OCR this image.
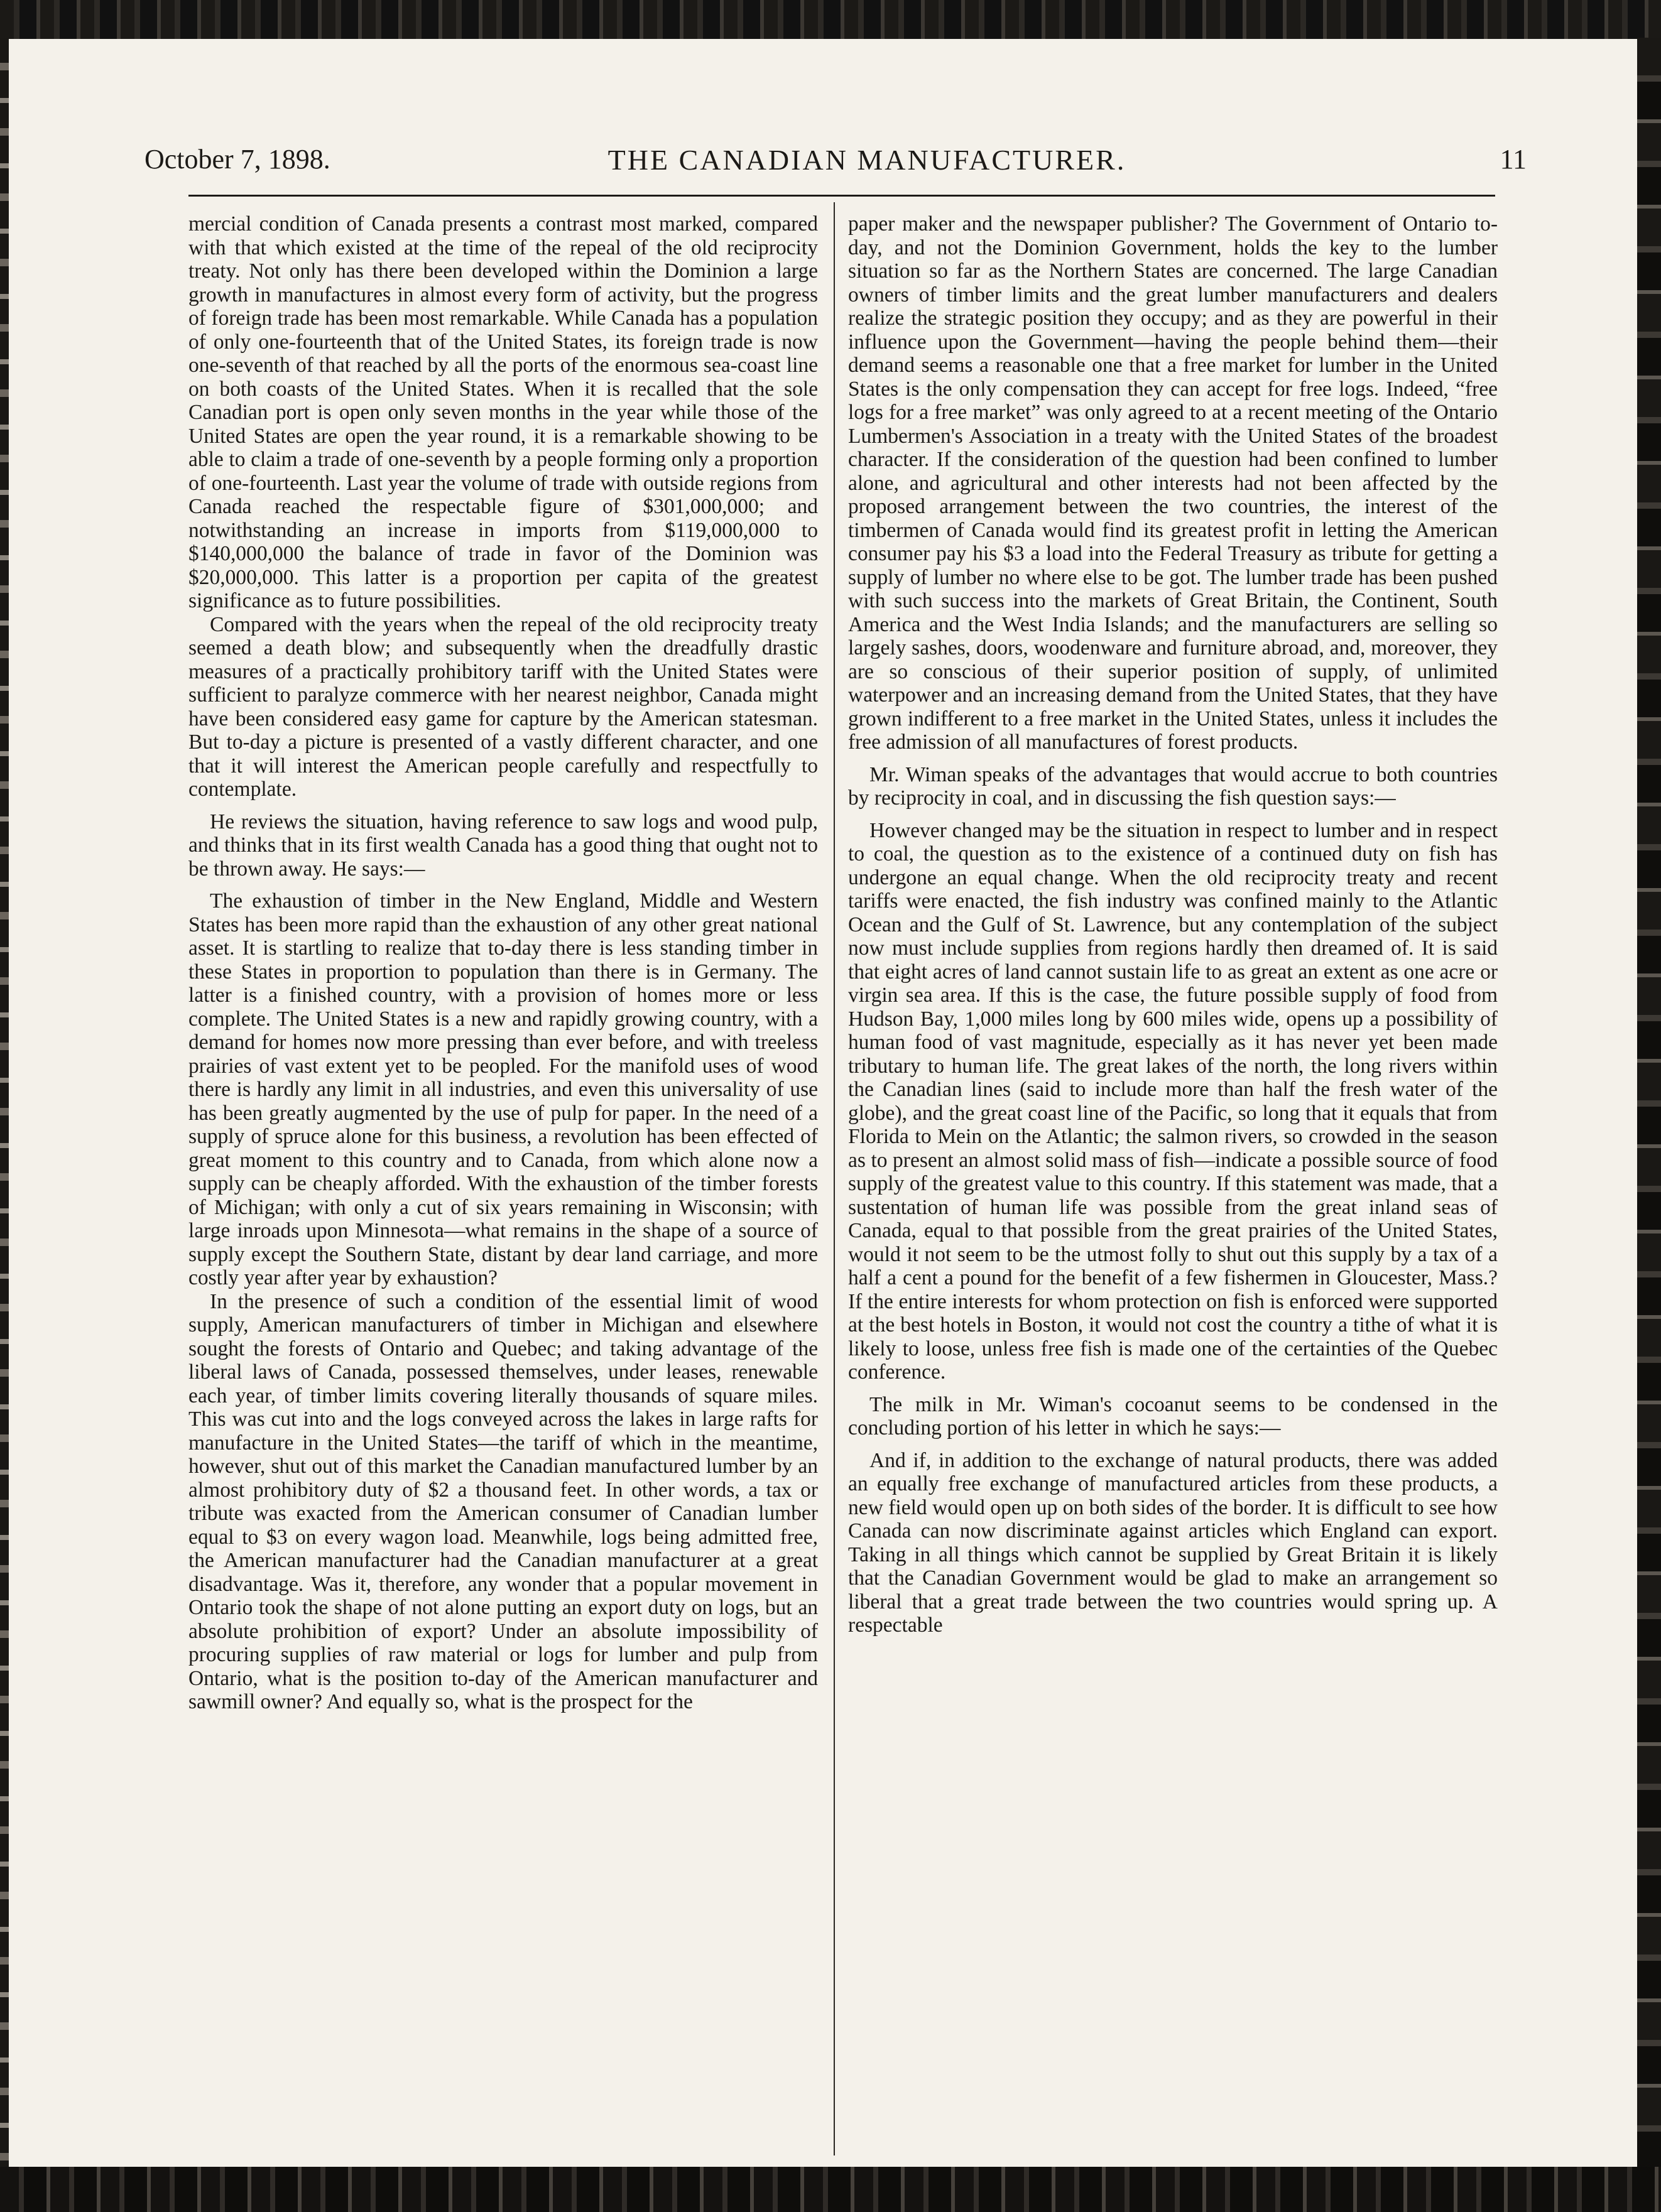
October 7, 1898.	THE CANADIAN MANUFACTURER.	11

mercial condition of Canada presents a contrast most marked, compared with that which existed at the time of the repeal of the old reciprocity treaty. Not only has there been developed within the Dominion a large growth in manufactures in almost every form of activity, but the progress of foreign trade has been most remarkable. While Canada has a population of only one-fourteenth that of the United States, its foreign trade is now one-seventh of that reached by all the ports of the enormous sea-coast line on both coasts of the United States. When it is recalled that the sole Canadian port is open only seven months in the year while those of the United States are open the year round, it is a remarkable showing to be able to claim a trade of one-seventh by a people forming only a proportion of one-fourteenth. Last year the volume of trade with outside regions from Canada reached the respectable figure of $301,000,000; and notwithstanding an increase in imports from $119,000,000 to $140,000,000 the balance of trade in favor of the Dominion was $20,000,000. This latter is a proportion per capita of the greatest significance as to future possibilities.

Compared with the years when the repeal of the old reciprocity treaty seemed a death blow; and subsequently when the dreadfully drastic measures of a practically prohibitory tariff with the United States were sufficient to paralyze commerce with her nearest neighbor, Canada might have been considered easy game for capture by the American statesman. But to-day a picture is presented of a vastly different character, and one that it will interest the American people carefully and respectfully to contemplate.

He reviews the situation, having reference to saw logs and wood pulp, and thinks that in its first wealth Canada has a good thing that ought not to be thrown away. He says:—

The exhaustion of timber in the New England, Middle and Western States has been more rapid than the exhaustion of any other great national asset. It is startling to realize that to-day there is less standing timber in these States in proportion to population than there is in Germany. The latter is a finished country, with a provision of homes more or less complete. The United States is a new and rapidly growing country, with a demand for homes now more pressing than ever before, and with treeless prairies of vast extent yet to be peopled. For the manifold uses of wood there is hardly any limit in all industries, and even this universality of use has been greatly augmented by the use of pulp for paper. In the need of a supply of spruce alone for this business, a revolution has been effected of great moment to this country and to Canada, from which alone now a supply can be cheaply afforded. With the exhaustion of the timber forests of Michigan; with only a cut of six years remaining in Wisconsin; with large inroads upon Minnesota—what remains in the shape of a source of supply except the Southern State, distant by dear land carriage, and more costly year after year by exhaustion?

In the presence of such a condition of the essential limit of wood supply, American manufacturers of timber in Michigan and elsewhere sought the forests of Ontario and Quebec; and taking advantage of the liberal laws of Canada, possessed themselves, under leases, renewable each year, of timber limits covering literally thousands of square miles. This was cut into and the logs conveyed across the lakes in large rafts for manufacture in the United States—the tariff of which in the meantime, however, shut out of this market the Canadian manufactured lumber by an almost prohibitory duty of $2 a thousand feet. In other words, a tax or tribute was exacted from the American consumer of Canadian lumber equal to $3 on every wagon load. Meanwhile, logs being admitted free, the American manufacturer had the Canadian manufacturer at a great disadvantage. Was it, therefore, any wonder that a popular movement in Ontario took the shape of not alone putting an export duty on logs, but an absolute prohibition of export? Under an absolute impossibility of procuring supplies of raw material or logs for lumber and pulp from Ontario, what is the position to-day of the American manufacturer and sawmill owner? And equally so, what is the prospect for the

paper maker and the newspaper publisher? The Government of Ontario to-day, and not the Dominion Government, holds the key to the lumber situation so far as the Northern States are concerned. The large Canadian owners of timber limits and the great lumber manufacturers and dealers realize the strategic position they occupy; and as they are powerful in their influence upon the Government—having the people behind them—their demand seems a reasonable one that a free market for lumber in the United States is the only compensation they can accept for free logs. Indeed, “free logs for a free market” was only agreed to at a recent meeting of the Ontario Lumbermen's Association in a treaty with the United States of the broadest character. If the consideration of the question had been confined to lumber alone, and agricultural and other interests had not been affected by the proposed arrangement between the two countries, the interest of the timbermen of Canada would find its greatest profit in letting the American consumer pay his $3 a load into the Federal Treasury as tribute for getting a supply of lumber no where else to be got. The lumber trade has been pushed with such success into the markets of Great Britain, the Continent, South America and the West India Islands; and the manufacturers are selling so largely sashes, doors, woodenware and furniture abroad, and, moreover, they are so conscious of their superior position of supply, of unlimited waterpower and an increasing demand from the United States, that they have grown indifferent to a free market in the United States, unless it includes the free admission of all manufactures of forest products.

Mr. Wiman speaks of the advantages that would accrue to both countries by reciprocity in coal, and in discussing the fish question says:—

However changed may be the situation in respect to lumber and in respect to coal, the question as to the existence of a continued duty on fish has undergone an equal change. When the old reciprocity treaty and recent tariffs were enacted, the fish industry was confined mainly to the Atlantic Ocean and the Gulf of St. Lawrence, but any contemplation of the subject now must include supplies from regions hardly then dreamed of. It is said that eight acres of land cannot sustain life to as great an extent as one acre or virgin sea area. If this is the case, the future possible supply of food from Hudson Bay, 1,000 miles long by 600 miles wide, opens up a possibility of human food of vast magnitude, especially as it has never yet been made tributary to human life. The great lakes of the north, the long rivers within the Canadian lines (said to include more than half the fresh water of the globe), and the great coast line of the Pacific, so long that it equals that from Florida to Mein on the Atlantic; the salmon rivers, so crowded in the season as to present an almost solid mass of fish—indicate a possible source of food supply of the greatest value to this country. If this statement was made, that a sustentation of human life was possible from the great inland seas of Canada, equal to that possible from the great prairies of the United States, would it not seem to be the utmost folly to shut out this supply by a tax of a half a cent a pound for the benefit of a few fishermen in Gloucester, Mass.? If the entire interests for whom protection on fish is enforced were supported at the best hotels in Boston, it would not cost the country a tithe of what it is likely to loose, unless free fish is made one of the certainties of the Quebec conference.

The milk in Mr. Wiman's cocoanut seems to be condensed in the concluding portion of his letter in which he says:—

And if, in addition to the exchange of natural products, there was added an equally free exchange of manufactured articles from these products, a new field would open up on both sides of the border. It is difficult to see how Canada can now discriminate against articles which England can export. Taking in all things which cannot be supplied by Great Britain it is likely that the Canadian Government would be glad to make an arrangement so liberal that a great trade between the two countries would spring up. A respectable
